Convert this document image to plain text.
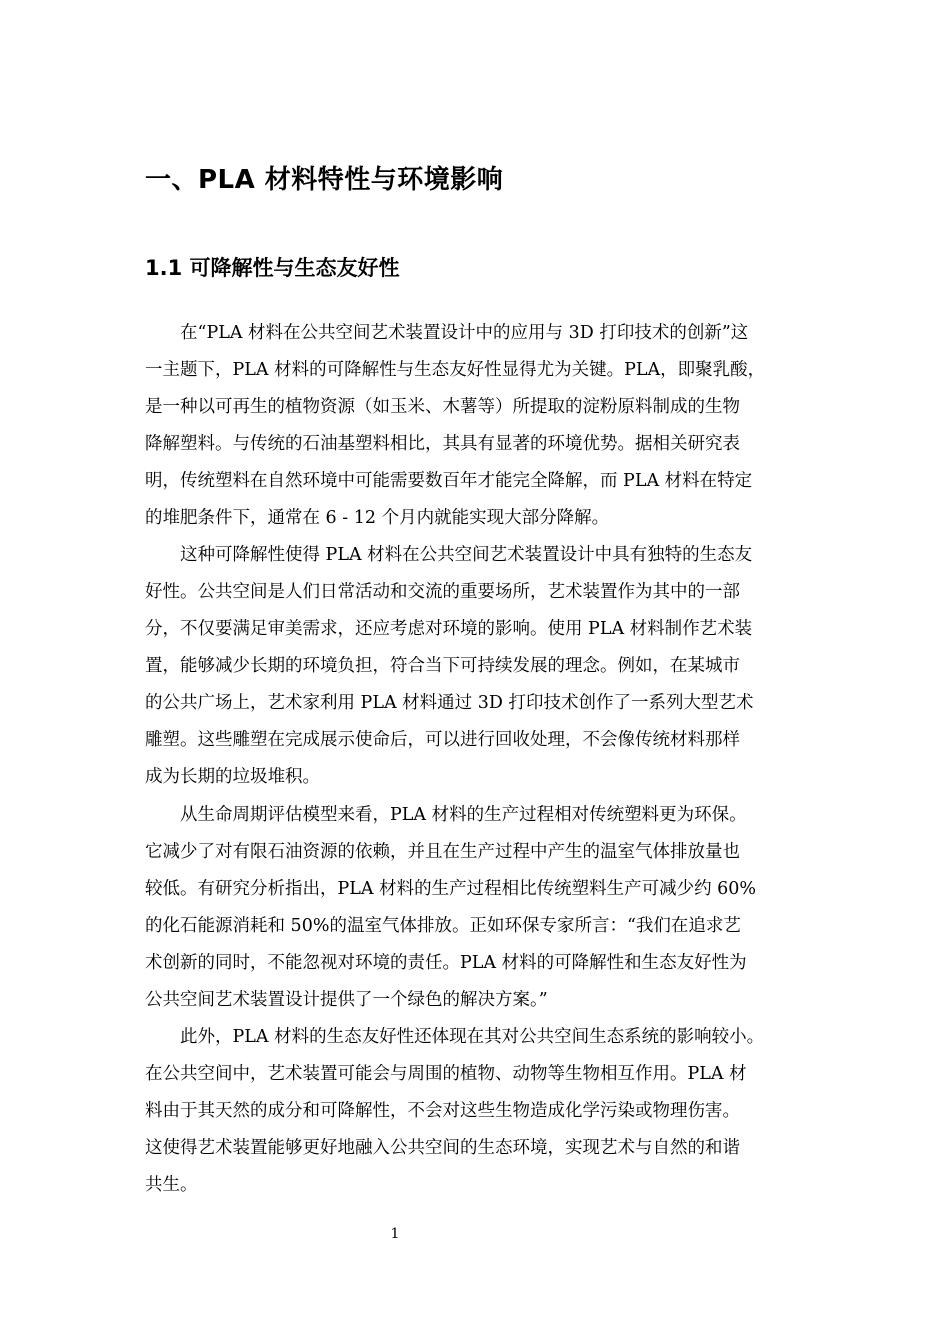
一、PLA 材料特性与环境影响
1.1 可降解性与生态友好性
在“PLA 材料在公共空间艺术装置设计中的应用与 3D 打印技术的创新”这
一主题下，PLA 材料的可降解性与生态友好性显得尤为关键。PLA，即聚乳酸，
是一种以可再生的植物资源（如玉米、木薯等）所提取的淀粉原料制成的生物
降解塑料。与传统的石油基塑料相比，其具有显著的环境优势。据相关研究表
明，传统塑料在自然环境中可能需要数百年才能完全降解，而 PLA 材料在特定
的堆肥条件下，通常在 6 - 12 个月内就能实现大部分降解。
这种可降解性使得 PLA 材料在公共空间艺术装置设计中具有独特的生态友
好性。公共空间是人们日常活动和交流的重要场所，艺术装置作为其中的一部
分，不仅要满足审美需求，还应考虑对环境的影响。使用 PLA 材料制作艺术装
置，能够减少长期的环境负担，符合当下可持续发展的理念。例如，在某城市
的公共广场上，艺术家利用 PLA 材料通过 3D 打印技术创作了一系列大型艺术
雕塑。这些雕塑在完成展示使命后，可以进行回收处理，不会像传统材料那样
成为长期的垃圾堆积。
从生命周期评估模型来看，PLA 材料的生产过程相对传统塑料更为环保。
它减少了对有限石油资源的依赖，并且在生产过程中产生的温室气体排放量也
较低。有研究分析指出，PLA 材料的生产过程相比传统塑料生产可减少约 60%
的化石能源消耗和 50%的温室气体排放。正如环保专家所言：“我们在追求艺
术创新的同时，不能忽视对环境的责任。PLA 材料的可降解性和生态友好性为
公共空间艺术装置设计提供了一个绿色的解决方案。”
此外，PLA 材料的生态友好性还体现在其对公共空间生态系统的影响较小。
在公共空间中，艺术装置可能会与周围的植物、动物等生物相互作用。PLA 材
料由于其天然的成分和可降解性，不会对这些生物造成化学污染或物理伤害。
这使得艺术装置能够更好地融入公共空间的生态环境，实现艺术与自然的和谐
共生。
1
